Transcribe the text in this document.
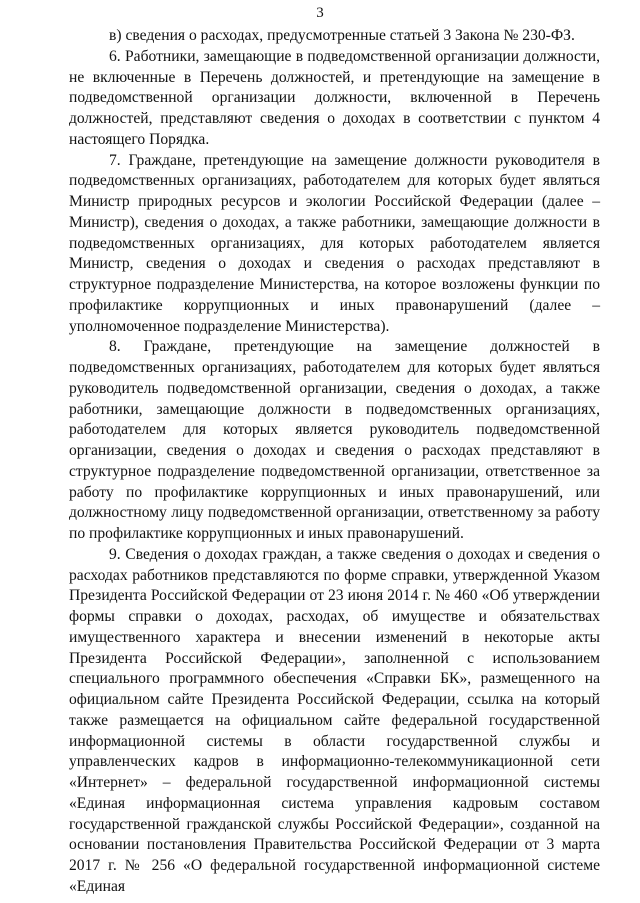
3

в) сведения о расходах, предусмотренные статьей 3 Закона № 230-ФЗ.

6. Работники, замещающие в подведомственной организации должности, не включенные в Перечень должностей, и претендующие на замещение в подведомственной организации должности, включенной в Перечень должностей, представляют сведения о доходах в соответствии с пунктом 4 настоящего Порядка.

7. Граждане, претендующие на замещение должности руководителя в подведомственных организациях, работодателем для которых будет являться Министр природных ресурсов и экологии Российской Федерации (далее – Министр), сведения о доходах, а также работники, замещающие должности в подведомственных организациях, для которых работодателем является Министр, сведения о доходах и сведения о расходах представляют в структурное подразделение Министерства, на которое возложены функции по профилактике коррупционных и иных правонарушений (далее – уполномоченное подразделение Министерства).

8. Граждане, претендующие на замещение должностей в подведомственных организациях, работодателем для которых будет являться руководитель подведомственной организации, сведения о доходах, а также работники, замещающие должности в подведомственных организациях, работодателем для которых является руководитель подведомственной организации, сведения о доходах и сведения о расходах представляют в структурное подразделение подведомственной организации, ответственное за работу по профилактике коррупционных и иных правонарушений, или должностному лицу подведомственной организации, ответственному за работу по профилактике коррупционных и иных правонарушений.

9. Сведения о доходах граждан, а также сведения о доходах и сведения о расходах работников представляются по форме справки, утвержденной Указом Президента Российской Федерации от 23 июня 2014 г. № 460 «Об утверждении формы справки о доходах, расходах, об имуществе и обязательствах имущественного характера и внесении изменений в некоторые акты Президента Российской Федерации», заполненной с использованием специального программного обеспечения «Справки БК», размещенного на официальном сайте Президента Российской Федерации, ссылка на который также размещается на официальном сайте федеральной государственной информационной системы в области государственной службы и управленческих кадров в информационно-телекоммуникационной сети «Интернет» – федеральной государственной информационной системы «Единая информационная система управления кадровым составом государственной гражданской службы Российской Федерации», созданной на основании постановления Правительства Российской Федерации от 3 марта 2017 г. № 256 «О федеральной государственной информационной системе «Единая
